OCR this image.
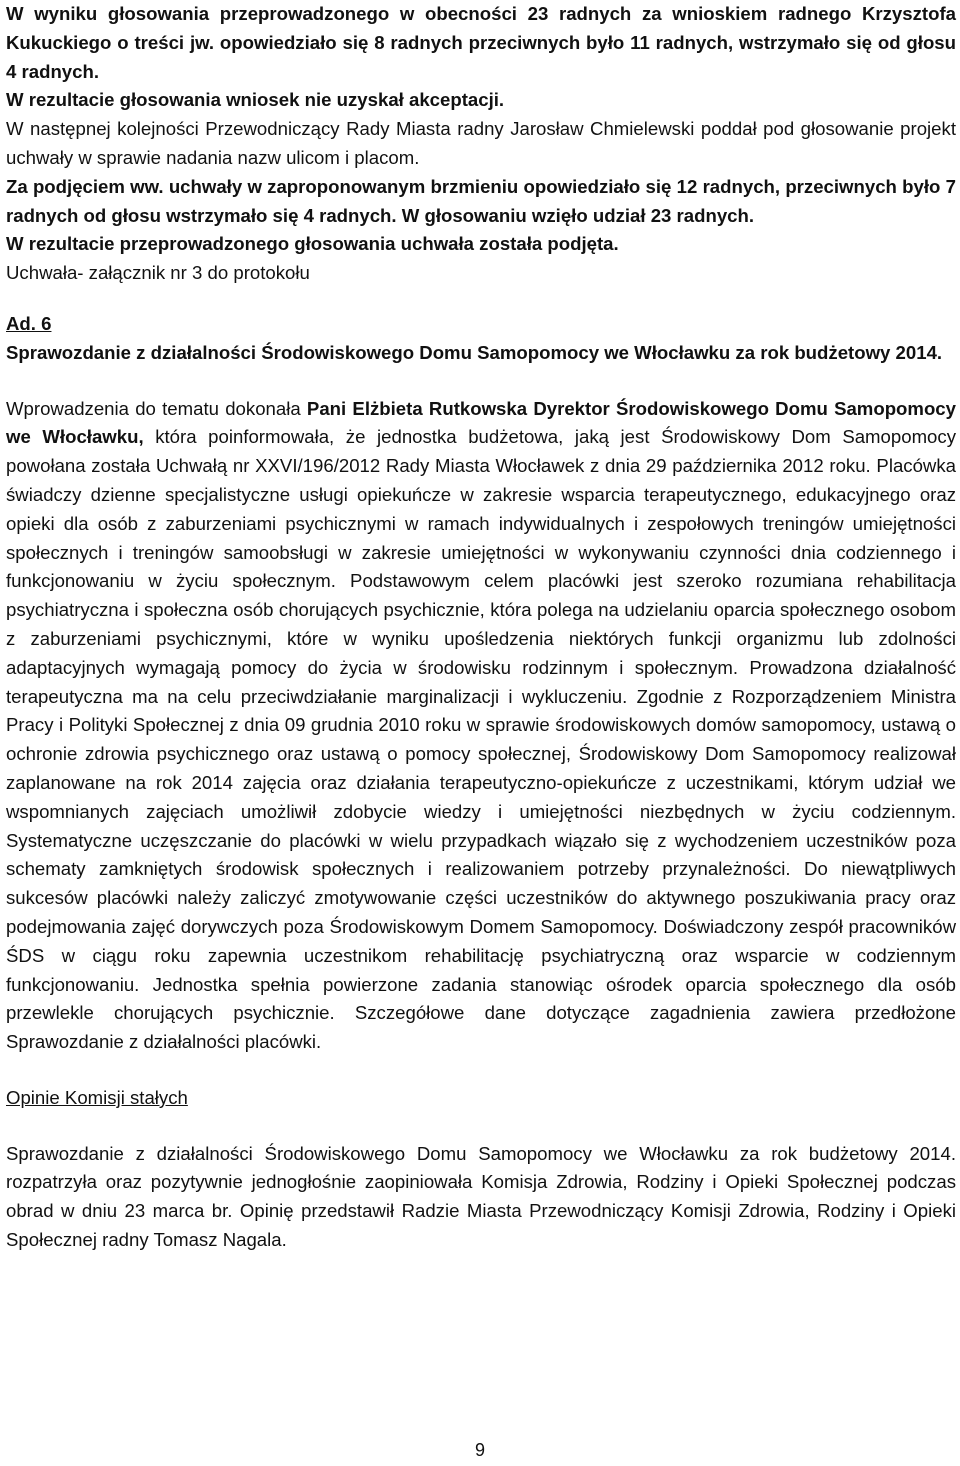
W wyniku głosowania przeprowadzonego w obecności 23 radnych za wnioskiem radnego Krzysztofa Kukuckiego o treści jw. opowiedziało się 8 radnych przeciwnych było 11 radnych, wstrzymało się od głosu 4 radnych.

W rezultacie głosowania wniosek nie uzyskał akceptacji.

W następnej kolejności Przewodniczący Rady Miasta radny Jarosław Chmielewski poddał pod głosowanie projekt uchwały w sprawie nadania nazw ulicom i placom.

Za podjęciem ww. uchwały w zaproponowanym brzmieniu opowiedziało się 12 radnych, przeciwnych było 7 radnych od głosu wstrzymało się 4 radnych. W głosowaniu wzięło udział 23 radnych.

W rezultacie przeprowadzonego głosowania uchwała została podjęta.

Uchwała- załącznik nr 3 do protokołu

Ad. 6

Sprawozdanie z działalności Środowiskowego Domu Samopomocy we Włocławku za rok budżetowy 2014.

Wprowadzenia do tematu dokonała Pani Elżbieta Rutkowska Dyrektor Środowiskowego Domu Samopomocy we Włocławku, która poinformowała, że jednostka budżetowa, jaką jest Środowiskowy Dom Samopomocy powołana została Uchwałą nr XXVI/196/2012 Rady Miasta Włocławek z dnia 29 października 2012 roku. Placówka świadczy dzienne specjalistyczne usługi opiekuńcze w zakresie wsparcia terapeutycznego, edukacyjnego oraz opieki dla osób z zaburzeniami psychicznymi w ramach indywidualnych i zespołowych treningów umiejętności społecznych i treningów samoobsługi w zakresie umiejętności w wykonywaniu czynności dnia codziennego i funkcjonowaniu w życiu społecznym. Podstawowym celem placówki jest szeroko rozumiana rehabilitacja psychiatryczna i społeczna osób chorujących psychicznie, która polega na udzielaniu oparcia społecznego osobom z zaburzeniami psychicznymi, które w wyniku upośledzenia niektórych funkcji organizmu lub zdolności adaptacyjnych wymagają pomocy do życia w środowisku rodzinnym i społecznym. Prowadzona działalność terapeutyczna ma na celu przeciwdziałanie marginalizacji i wykluczeniu. Zgodnie z Rozporządzeniem Ministra Pracy i Polityki Społecznej z dnia 09 grudnia 2010 roku w sprawie środowiskowych domów samopomocy, ustawą o ochronie zdrowia psychicznego oraz ustawą o pomocy społecznej, Środowiskowy Dom Samopomocy realizował zaplanowane na rok 2014 zajęcia oraz działania terapeutyczno-opiekuńcze z uczestnikami, którym udział we wspomnianych zajęciach umożliwił zdobycie wiedzy i umiejętności niezbędnych w życiu codziennym. Systematyczne uczęszczanie do placówki w wielu przypadkach wiązało się z wychodzeniem uczestników poza schematy zamkniętych środowisk społecznych i realizowaniem potrzeby przynależności. Do niewątpliwych sukcesów placówki należy zaliczyć zmotywowanie części uczestników do aktywnego poszukiwania pracy oraz podejmowania zajęć dorywczych poza Środowiskowym Domem Samopomocy. Doświadczony zespół pracowników ŚDS w ciągu roku zapewnia uczestnikom rehabilitację psychiatryczną oraz wsparcie w codziennym funkcjonowaniu. Jednostka spełnia powierzone zadania stanowiąc ośrodek oparcia społecznego dla osób przewlekle chorujących psychicznie. Szczegółowe dane dotyczące zagadnienia zawiera przedłożone Sprawozdanie z działalności placówki.

Opinie Komisji stałych

Sprawozdanie z działalności Środowiskowego Domu Samopomocy we Włocławku za rok budżetowy 2014. rozpatrzyła oraz pozytywnie jednogłośnie zaopiniowała Komisja Zdrowia, Rodziny i Opieki Społecznej podczas obrad w dniu 23 marca br. Opinię przedstawił Radzie Miasta Przewodniczący Komisji Zdrowia, Rodziny i Opieki Społecznej radny Tomasz Nagala.

9
